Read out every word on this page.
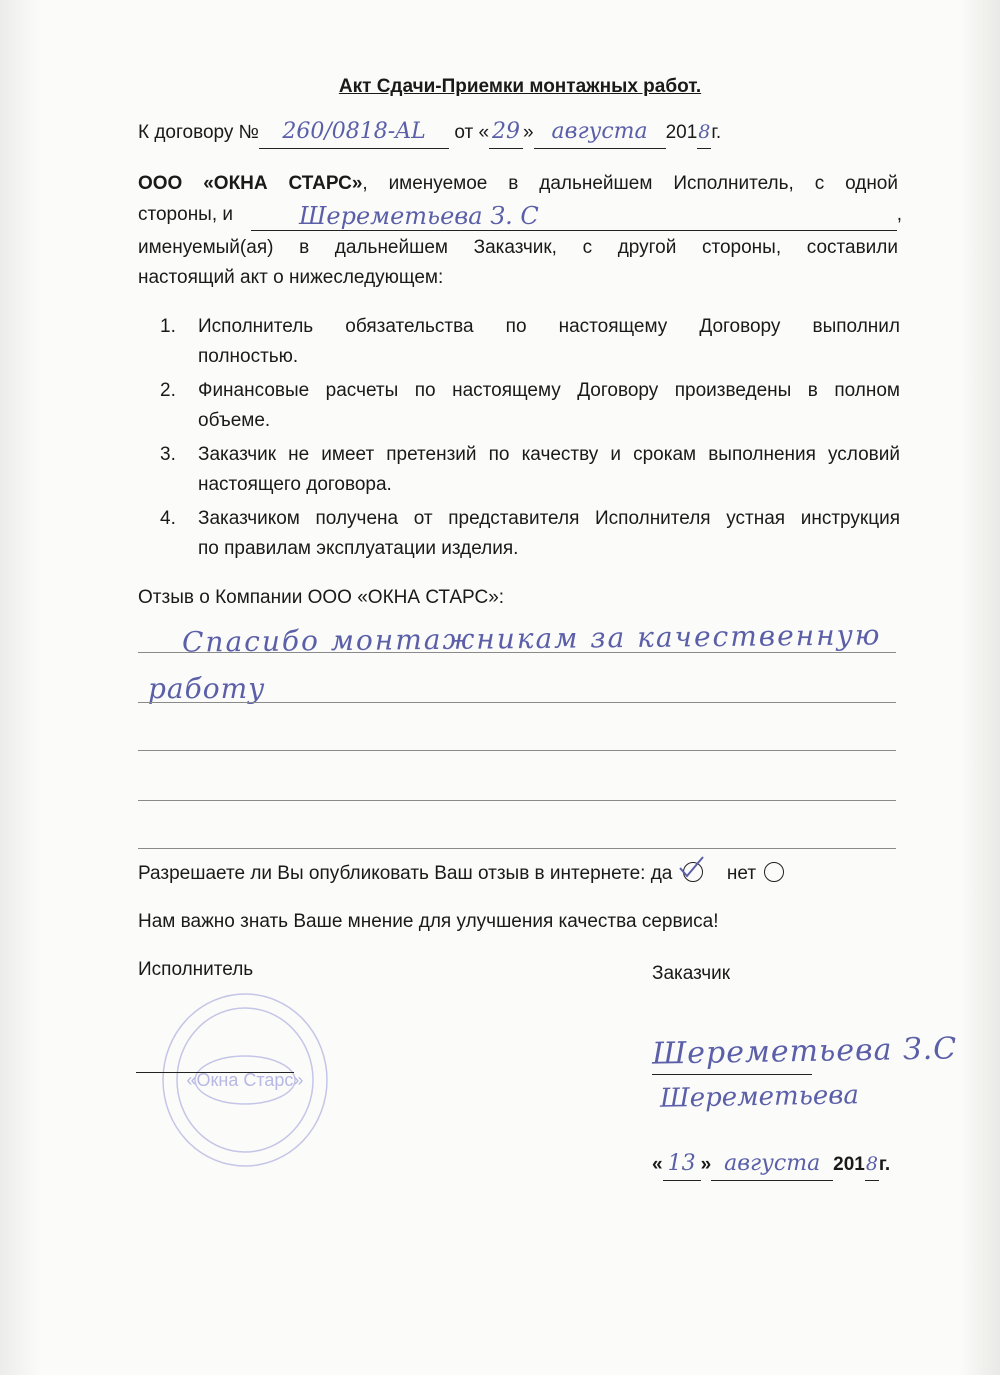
Акт Сдачи-Приемки монтажных работ.
К договору № 260/0818-AL от « 29 » августа 2018г.
ООО «ОКНА СТАРС», именуемое в дальнейшем Исполнитель, с одной
стороны, и	Шереметьева З. С	,
именуемый(ая) в дальнейшем Заказчик, с другой стороны, составили
настоящий акт о нижеследующем:
1.	Исполнитель обязательства по настоящему Договору выполнил
полностью.
2.	Финансовые расчеты по настоящему Договору произведены в полном
объеме.
3.	Заказчик не имеет претензий по качеству и срокам выполнения условий
настоящего договора.
4.	Заказчиком получена от представителя Исполнителя устная инструкция
по правилам эксплуатации изделия.
Отзыв о Компании ООО «ОКНА СТАРС»:
Спасибо монтажникам за качественную
работу
Разрешаете ли Вы опубликовать Ваш отзыв в интернете: да	нет
Нам важно знать Ваше мнение для улучшения качества сервиса!
Исполнитель	Заказчик
«Окна Старс»
Шереметьева З.С
Шереметьева
« 13 » августа 2018г.
